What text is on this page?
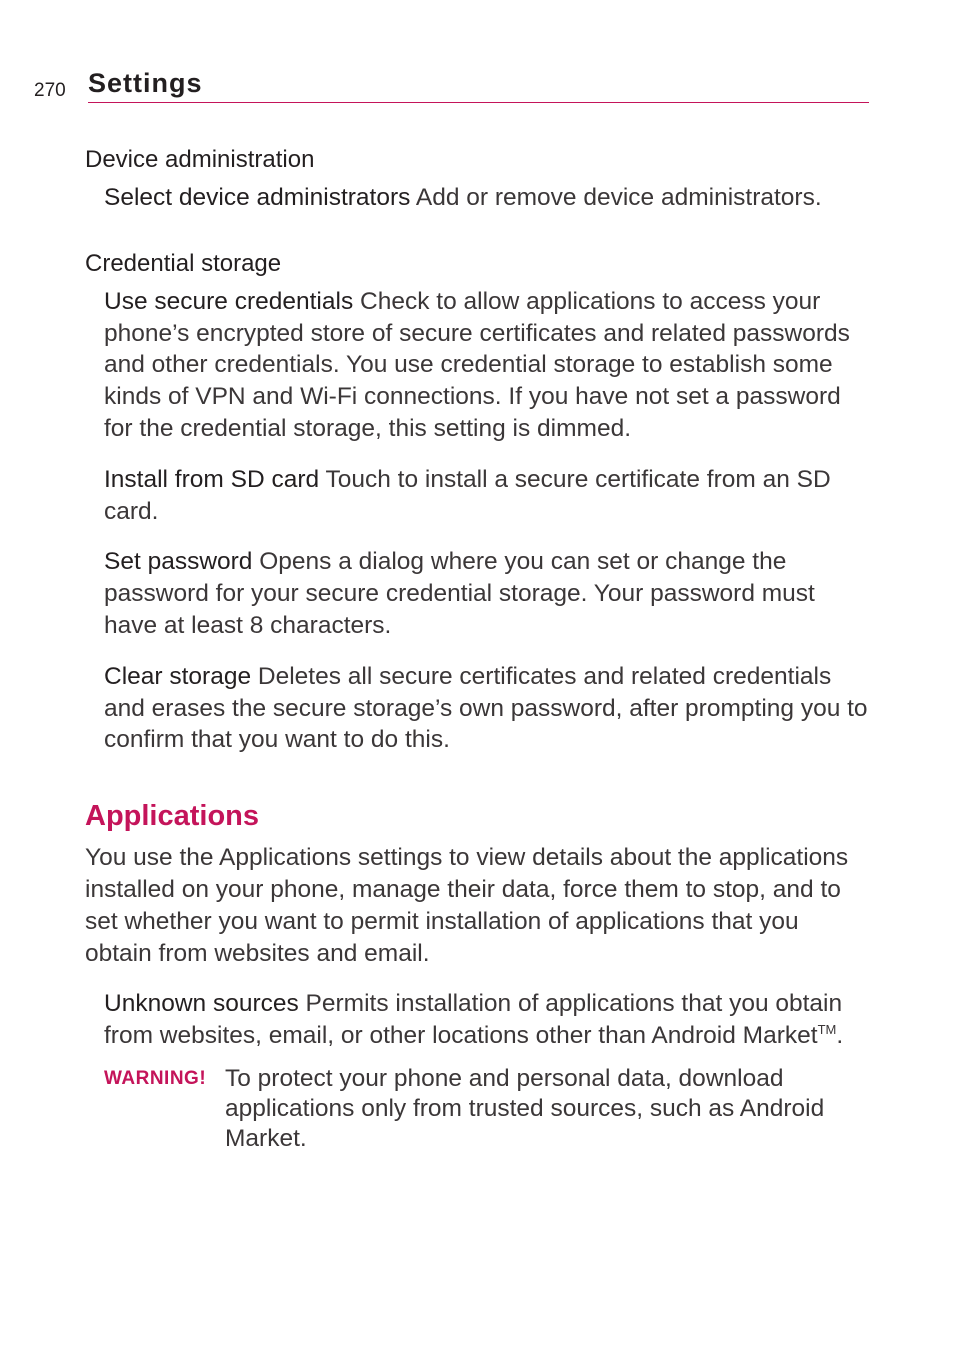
270 Settings

Device administration

Select device administrators Add or remove device administrators.

Credential storage

Use secure credentials Check to allow applications to access your phone’s encrypted store of secure certificates and related passwords and other credentials. You use credential storage to establish some kinds of VPN and Wi-Fi connections. If you have not set a password for the credential storage, this setting is dimmed.
Install from SD card Touch to install a secure certificate from an SD card.
Set password Opens a dialog where you can set or change the password for your secure credential storage. Your password must have at least 8 characters.
Clear storage Deletes all secure certificates and related credentials and erases the secure storage’s own password, after prompting you to confirm that you want to do this.
Applications

You use the Applications settings to view details about the applications installed on your phone, manage their data, force them to stop, and to set whether you want to permit installation of applications that you obtain from websites and email.

Unknown sources Permits installation of applications that you obtain from websites, email, or other locations other than Android Market™.
WARNING! To protect your phone and personal data, download applications only from trusted sources, such as Android Market.
